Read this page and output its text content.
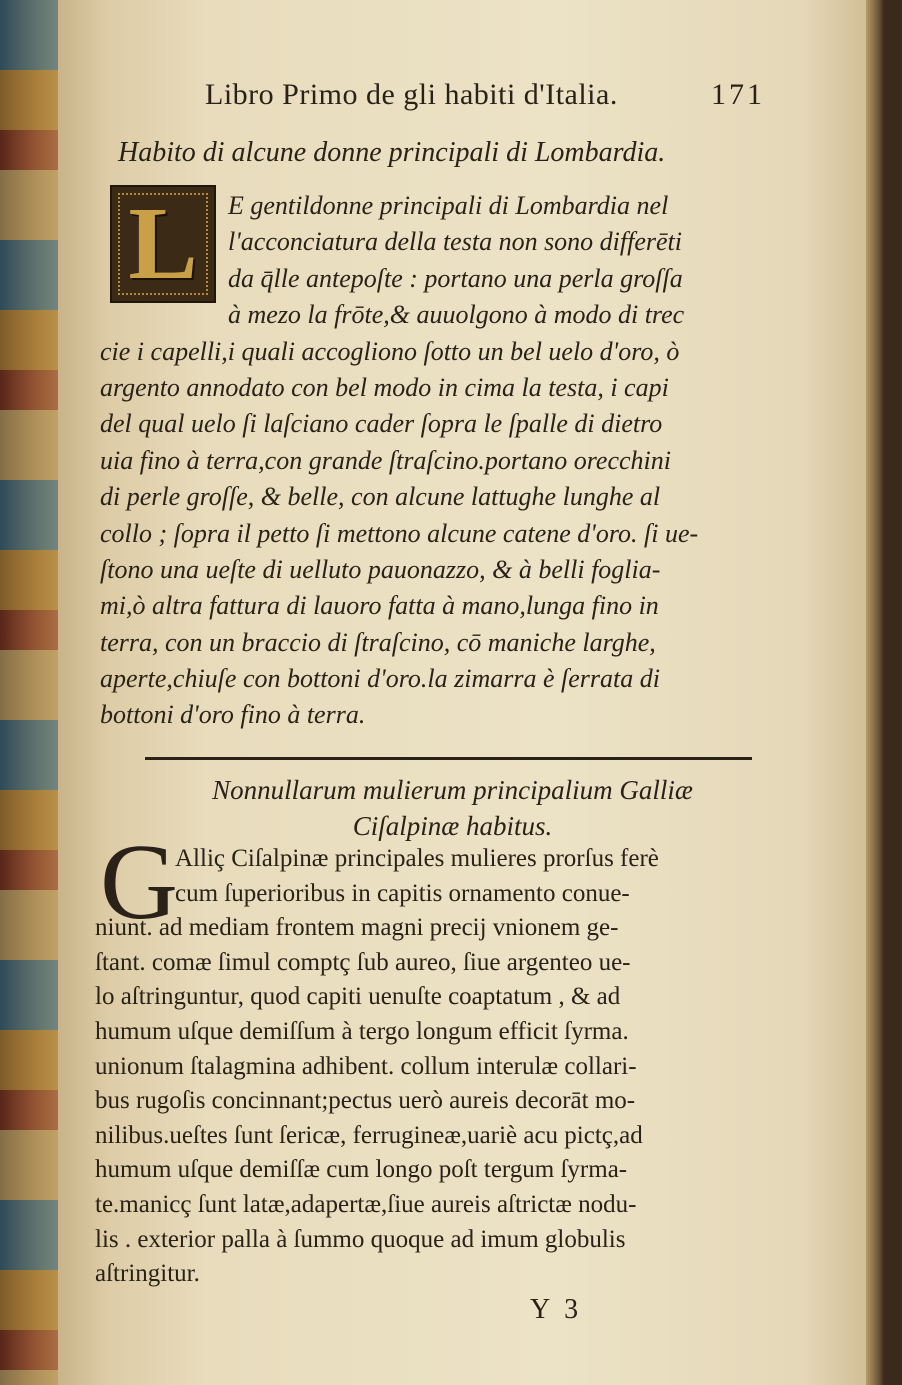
Libro Primo de gli habiti d'Italia.	171
Habito di alcune donne principali di Lombardia.
L	E gentildonne principali di Lombardia nel
l'acconciatura della testa non sono differēti
da q̄lle antepoſte : portano una perla groſſa
à mezo la frōte,& auuolgono à modo di trec
cie i capelli,i quali accogliono ſotto un bel uelo d'oro, ò
argento annodato con bel modo in cima la testa, i capi
del qual uelo ſi laſciano cader ſopra le ſpalle di dietro
uia fino à terra,con grande ſtraſcino.portano orecchini
di perle groſſe, & belle, con alcune lattughe lunghe al
collo ; ſopra il petto ſi mettono alcune catene d'oro. ſi ue-
ſtono una ueſte di uelluto pauonazzo, & à belli foglia-
mi,ò altra fattura di lauoro fatta à mano,lunga fino in
terra, con un braccio di ſtraſcino, cō maniche larghe,
aperte,chiuſe con bottoni d'oro.la zimarra è ſerrata di
bottoni d'oro fino à terra.
Nonnullarum mulierum principalium Galliæ
Ciſalpinæ habitus.
G
Alliç Ciſalpinæ principales mulieres prorſus ferè
cum ſuperioribus in capitis ornamento conue-
niunt. ad mediam frontem magni precij vnionem ge-
ſtant. comæ ſimul comptç ſub aureo, ſiue argenteo ue-
lo aſtringuntur, quod capiti uenuſte coaptatum , & ad
humum uſque demiſſum à tergo longum efficit ſyrma.
unionum ſtalagmina adhibent. collum interulæ collari-
bus rugoſis concinnant;pectus uerò aureis decorāt mo-
nilibus.ueſtes ſunt ſericæ, ferrugineæ,uariè acu pictç,ad
humum uſque demiſſæ cum longo poſt tergum ſyrma-
te.manicç ſunt latæ,adapertæ,ſiue aureis aſtrictæ nodu-
lis . exterior palla à ſummo quoque ad imum globulis
aſtringitur.
Y 3
